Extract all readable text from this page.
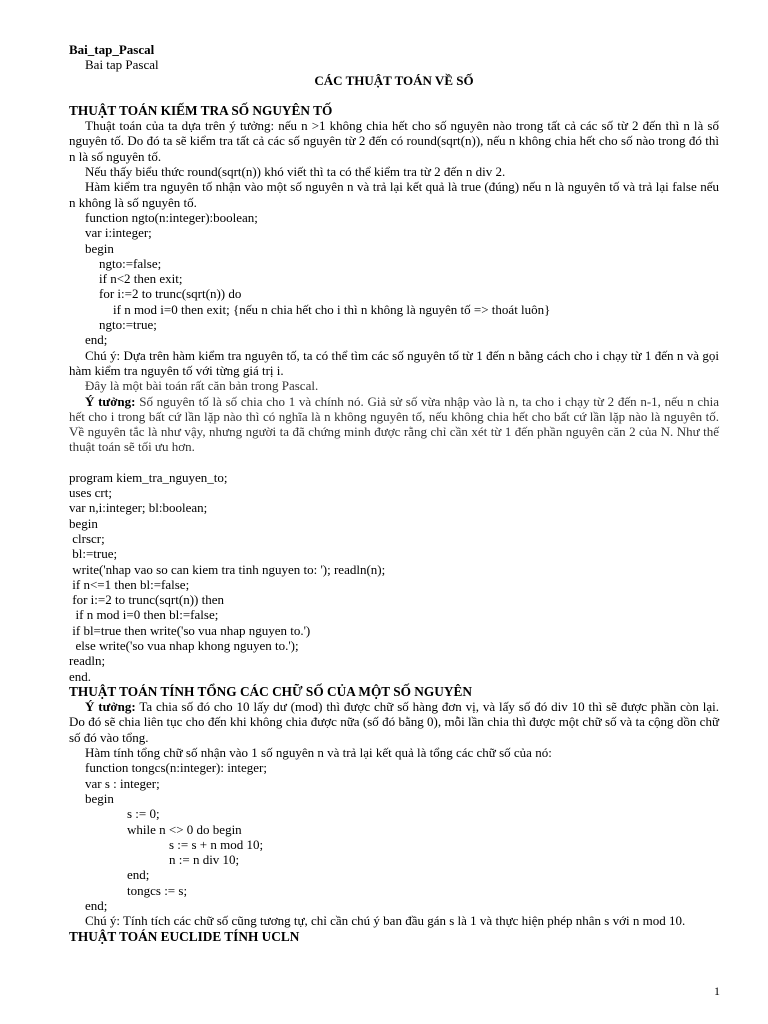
Bai_tap_Pascal
Bai tap Pascal
CÁC THUẬT TOÁN VỀ SỐ
THUẬT TOÁN KIẾM TRA SỐ NGUYÊN TỐ
Thuật toán của ta dựa trên ý tưởng: nếu n >1 không chia hết cho số nguyên nào trong tất cả các số từ 2 đến thì n là số nguyên tố. Do đó ta sẽ kiểm tra tất cả các số nguyên từ 2 đến có round(sqrt(n)), nếu n không chia hết cho số nào trong đó thì n là số nguyên tố.
Nếu thấy biểu thức round(sqrt(n)) khó viết thì ta có thể kiểm tra từ 2 đến n div 2.
Hàm kiểm tra nguyên tố nhận vào một số nguyên n và trả lại kết quả là true (đúng) nếu n là nguyên tố và trả lại false nếu n không là số nguyên tố.
function ngto(n:integer):boolean;
var i:integer;
begin
ngto:=false;
if n<2 then exit;
for i:=2 to trunc(sqrt(n)) do
if n mod i=0 then exit; {nếu n chia hết cho i thì n không là nguyên tố => thoát luôn}
ngto:=true;
end;
Chú ý: Dựa trên hàm kiểm tra nguyên tố, ta có thể tìm các số nguyên tố từ 1 đến n bằng cách cho i chạy từ 1 đến n và gọi hàm kiểm tra nguyên tố với từng giá trị i.
Đây là một bài toán rất căn bản trong Pascal.
Ý tưởng: Số nguyên tố là số chia cho 1 và chính nó. Giả sử số vừa nhập vào là n, ta cho i chạy từ 2 đến n-1, nếu n chia hết cho i trong bất cứ lần lặp nào thì có nghĩa là n không nguyên tố, nếu không chia hết cho bất cứ lần lặp nào là nguyên tố. Về nguyên tắc là như vậy, nhưng người ta đã chứng minh được rằng chỉ cần xét từ 1 đến phần nguyên căn 2 của N. Như thế thuật toán sẽ tối ưu hơn.
program kiem_tra_nguyen_to;
uses crt;
var n,i:integer; bl:boolean;
begin
clrscr;
bl:=true;
write('nhap vao so can kiem tra tinh nguyen to: '); readln(n);
if n<=1 then bl:=false;
for i:=2 to trunc(sqrt(n)) then
if n mod i=0 then bl:=false;
if bl=true then write('so vua nhap nguyen to.')
else write('so vua nhap khong nguyen to.');
readln;
end.
THUẬT TOÁN TÍNH TỔNG CÁC CHỮ SỐ CỦA MỘT SỐ NGUYÊN
Ý tưởng: Ta chia số đó cho 10 lấy dư (mod) thì được chữ số hàng đơn vị, và lấy số đó div 10 thì sẽ được phần còn lại. Do đó sẽ chia liên tục cho đến khi không chia được nữa (số đó bằng 0), mỗi lần chia thì được một chữ số và ta cộng dồn chữ số đó vào tổng.
Hàm tính tổng chữ số nhận vào 1 số nguyên n và trả lại kết quả là tổng các chữ số của nó:
function tongcs(n:integer): integer;
var s : integer;
begin
s := 0;
while n <> 0 do begin
s := s + n mod 10;
n := n div 10;
end;
tongcs := s;
end;
Chú ý: Tính tích các chữ số cũng tương tự, chỉ cần chú ý ban đầu gán s là 1 và thực hiện phép nhân s với n mod 10.
THUẬT TOÁN EUCLIDE TÍNH UCLN
1
